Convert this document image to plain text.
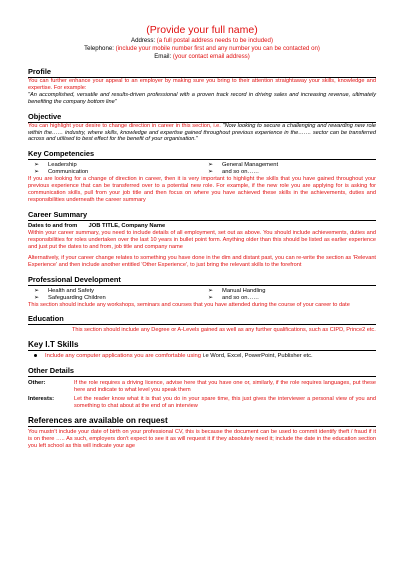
(Provide your full name)
Address: (a full postal address needs to be included)
Telephone: (include your mobile number first and any number you can be contacted on)
Email: (your contact email address)
Profile
You can further enhance your appeal to an employer by making sure you bring to their attention straightaway your skills, knowledge and expertise. For example:
"An accomplished, versatile and results-driven professional with a proven track record in driving sales and increasing revenue, ultimately benefiting the company bottom line"
Objective
You can highlight your desire to change direction in career in this section, i.e. "Now looking to secure a challenging and rewarding new role within the…… industry, where skills, knowledge and expertise gained throughout previous experience in the……. sector can be transferred across and utilised to best effect for the benefit of your organisation."
Key Competencies
➢ Leadership	➢ General Management
➢ Communication	➢ and so on……
If you are looking for a change of direction in career, then it is very important to highlight the skills that you have gained throughout your previous experience that can be transferred over to a potential new role. For example, if the new role you are applying for is asking for communication skills, pull from your job title and then focus on where you have achieved these skills in the achievements, duties and responsibilities underneath the career summary
Career Summary
Dates to and from JOB TITLE, Company Name
Within your career summary, you need to include details of all employment, set out as above. You should include achievements, duties and responsibilities for roles undertaken over the last 10 years in bullet point form. Anything older than this should be listed as earlier experience and just put the dates to and from, job title and company name
Alternatively, if your career change relates to something you have done in the dim and distant past, you can re-write the section as 'Relevant Experience' and then include another entitled 'Other Experience', to just bring the relevant skills to the forefront
Professional Development
➢ Health and Safety	➢ Manual Handling
➢ Safeguarding Children	➢ and so on……
This section should include any workshops, seminars and courses that you have attended during the course of your career to date
Education
This section should include any Degree or A-Levels gained as well as any further qualifications, such as CIPD, Prince2 etc.
Key I.T Skills
Include any computer applications you are comfortable using i.e Word, Excel, PowerPoint, Publisher etc.
Other Details
Other:	If the role requires a driving licence, advise here that you have one or, similarly, if the role requires languages, put these here and indicate to what level you speak them
Interests:	Let the reader know what it is that you do in your spare time, this just gives the interviewer a personal view of you and something to chat about at the end of an interview
References are available on request
You mustn't include your date of birth on your professional CV, this is because the document can be used to commit identify theft / fraud if it is on there ….. As such, employers don't expect to see it as will request it if they absolutely need it; include the date in the education section you left school as this will indicate your age
